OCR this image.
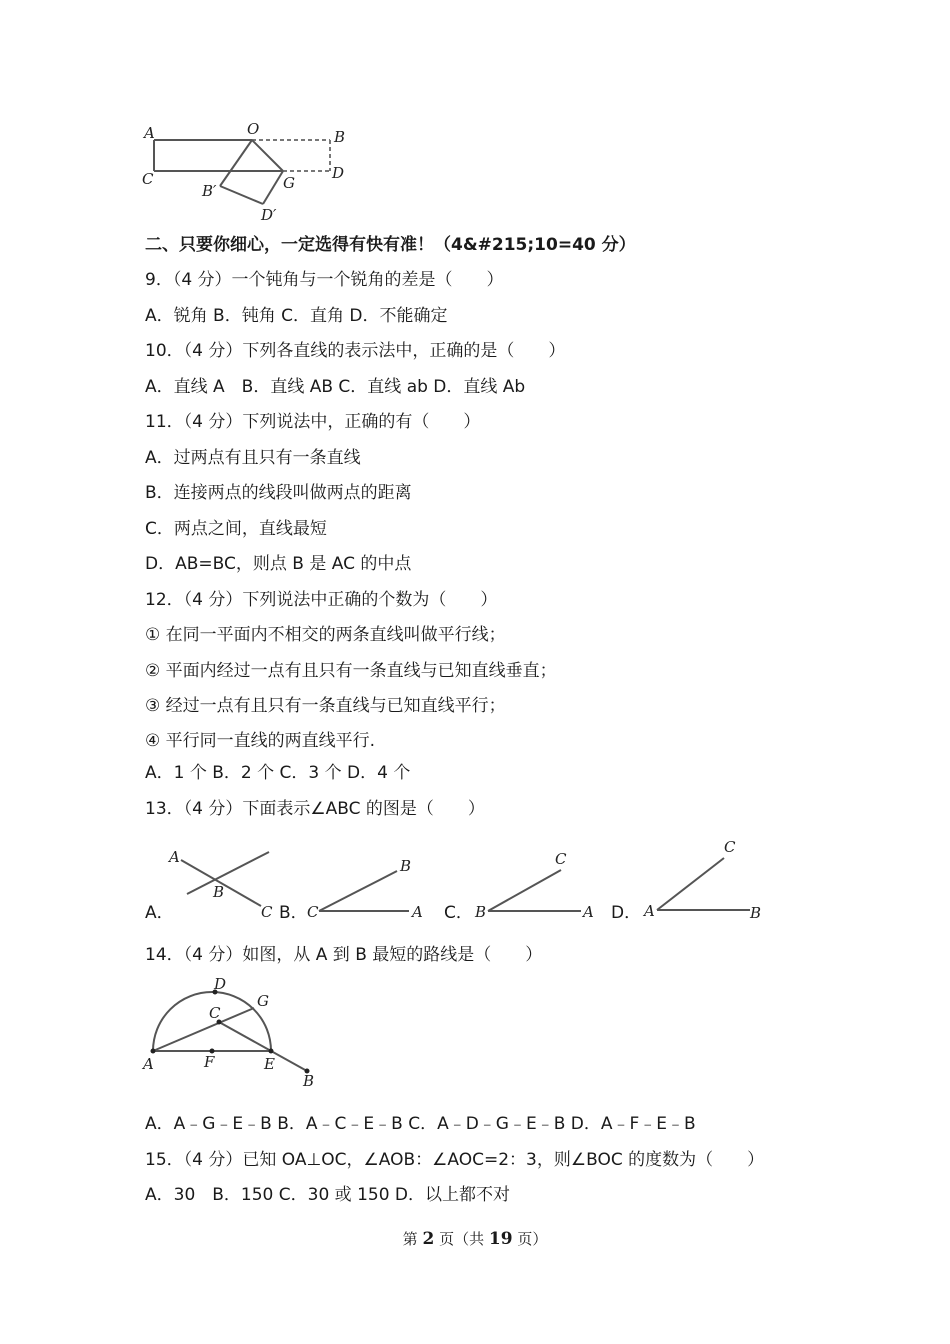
A	O	B
C
B′	G
D
D′
二、只要你细心，一定选得有快有准！（4&#215;10=40 分）
9．（4 分）一个钝角与一个锐角的差是（　　）
A．锐角 B．钝角 C．直角 D．不能确定
10．（4 分）下列各直线的表示法中，正确的是（　　）
A．直线 A　B．直线 AB C．直线 ab D．直线 Ab
11．（4 分）下列说法中，正确的有（　　）
A．过两点有且只有一条直线
B．连接两点的线段叫做两点的距离
C．两点之间，直线最短
D．AB=BC，则点 B 是 AC 的中点
12．（4 分）下列说法中正确的个数为（　　）
① 在同一平面内不相交的两条直线叫做平行线；
② 平面内经过一点有且只有一条直线与已知直线垂直；
③ 经过一点有且只有一条直线与已知直线平行；
④ 平行同一直线的两直线平行.
A．1 个 B．2 个 C．3 个 D．4 个
13．（4 分）下面表示∠ABC 的图是（　　）
A．
A
B
C B． C
B
A C． B
C
A D． A
C
B
14．（4 分）如图，从 A 到 B 最短的路线是（　　）
D
G
C
A	F	E
B
A．A﹣G﹣E﹣B B．A﹣C﹣E﹣B C．A﹣D﹣G﹣E﹣B D．A﹣F﹣E﹣B
15．（4 分）已知 OA⊥OC，∠AOB：∠AOC=2：3，则∠BOC 的度数为（　　）
A．30　B．150 C．30 或 150 D．以上都不对
第 2 页（共 19 页）
